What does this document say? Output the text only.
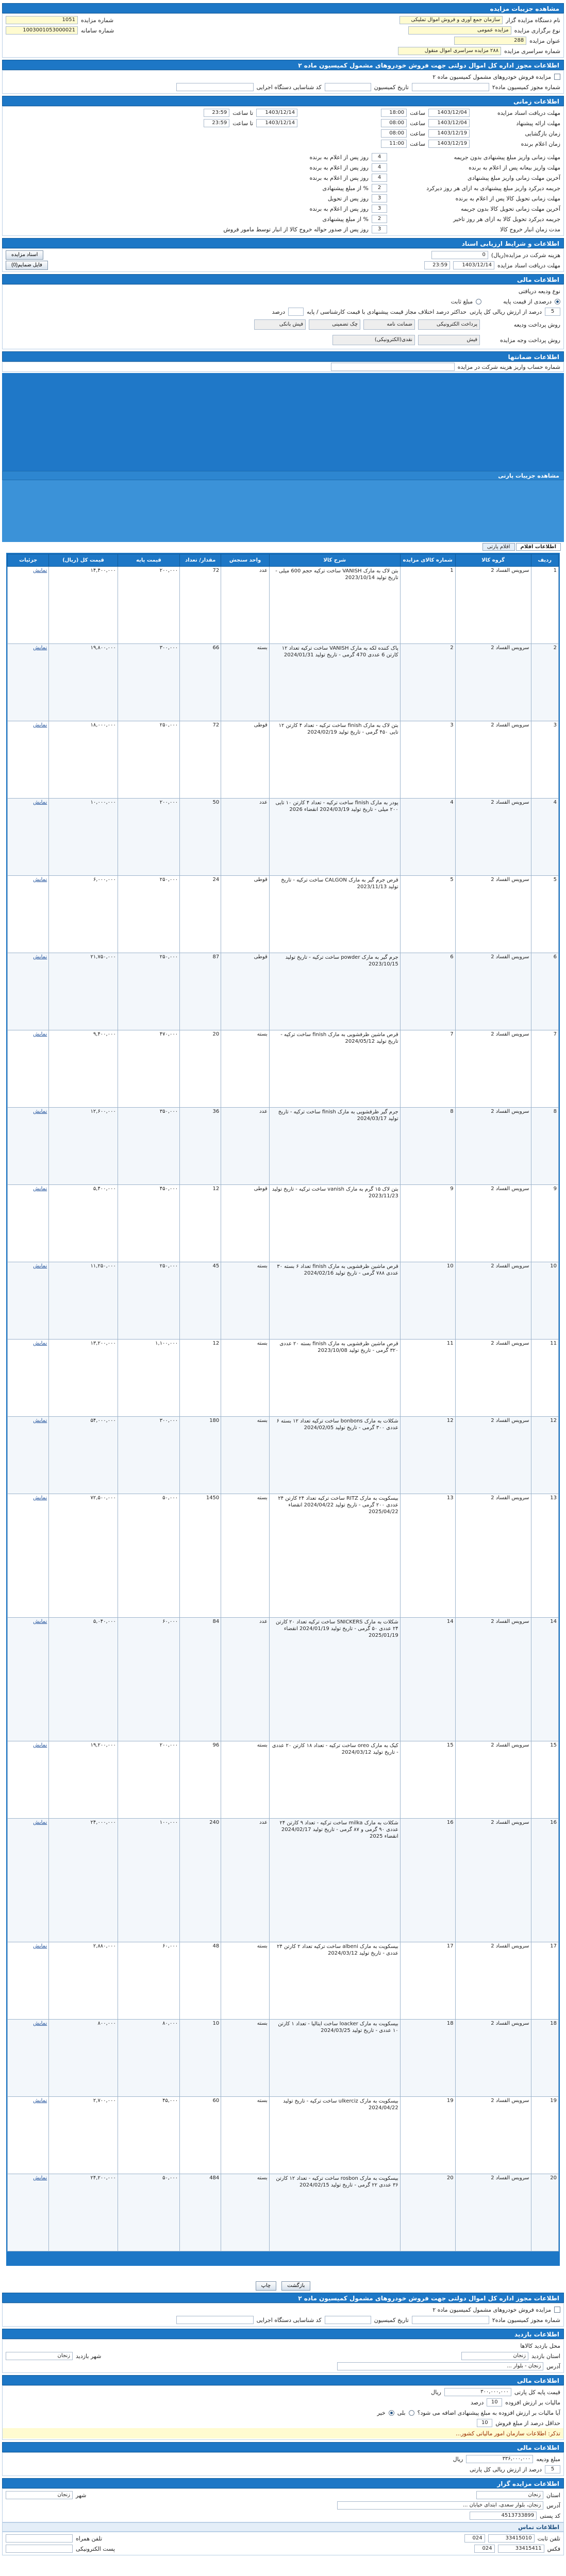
مشاهده جزییات مزایده
نام دستگاه مزایده گزار
سازمان جمع آوری و فروش اموال تملیکی
شماره مزایده
1051
نوع برگزاری مزایده
مزایده عمومی
شماره سامانه
1003001053000021
عنوان مزایده
288
شماره سراسری مزایده
۲۸۸ مزایده سراسری اموال منقول
اطلاعات مجوز اداره کل اموال دولتی جهت فروش خودروهای مشمول کمیسیون ماده ۲
مزایده فروش خودروهای مشمول کمیسیون ماده ۲
شماره مجوز کمیسیون ماده۲
تاریخ کمیسیون
کد شناسایی دستگاه اجرایی
اطلاعات زمانی
مهلت دریافت اسناد مزایده
1403/12/04
ساعت
18:00
1403/12/14
تا ساعت
23:59
مهلت ارائه پیشنهاد
1403/12/04
ساعت
08:00
1403/12/14
تا ساعت
23:59
زمان بازگشایی
1403/12/19
ساعت
08:00
زمان اعلام برنده
1403/12/19
ساعت
11:00
مهلت زمانی واریز مبلغ پیشنهادی بدون جریمه
4
روز پس از اعلام به برنده
مهلت واریز بیعانه پس از اعلام به برنده
4
روز پس از اعلام به برنده
آخرین مهلت زمانی واریز مبلغ پیشنهادی
4
روز پس از اعلام به برنده
جریمه دیرکرد واریز مبلغ پیشنهادی به ازای هر روز دیرکرد
2
% از مبلغ پیشنهادی
مهلت زمانی تحویل کالا پس از اعلام به برنده
3
روز پس از تحویل
آخرین مهلت زمانی تحویل کالا بدون جریمه
3
روز پس از اعلام به برنده
جریمه دیرکرد تحویل کالا به ازای هر روز تاخیر
2
% از مبلغ پیشنهادی
مدت زمان انبار خروج کالا
3
روز پس از صدور حواله خروج کالا از انبار توسط مامور فروش
اطلاعات و شرایط ارزیابی اسناد
هزینه شرکت در مزایده(ریال)
0
اسناد مزایده
مهلت دریافت اسناد مزایده
1403/12/14
23:59
فایل ضمایم(0)
اطلاعات مالی
نوع ودیعه دریافتی
درصدی از قیمت پایه
مبلغ ثابت
5
درصد از ارزش ریالی کل پارتی
حداکثر درصد اختلاف مجاز قیمت پیشنهادی با قیمت کارشناسی / پایه
درصد
روش پرداخت ودیعه
پرداخت الکترونیکی
ضمانت نامه
چک تضمینی
فیش بانکی
روش پرداخت وجه مزایده
فیش
نقدی(الکترونیکی)
اطلاعات ضمانتها
شماره حساب واریز هزینه شرکت در مزایده
مشاهده جزییات پارتی
اطلاعات اقلام
اقلام پارتی
ردیف	گروه کالا	شماره کالای مزایده	شرح کالا	واحد سنجش	مقدار/ تعداد	قیمت پایه	قیمت کل (ریال)	جزئیات
1	سرویس الفساد 2	1	بتن لاک به مارک VANISH ساخت ترکیه حجم 600 میلی - تاریخ تولید 2023/10/14	عدد	72	۲۰۰,۰۰۰	۱۴,۴۰۰,۰۰۰	نمایش
2	سرویس الفساد 2	2	پاک کننده لکه به مارک VANISH ساخت ترکیه تعداد ۱۲ کارتن 6 عددی 470 گرمی - تاریخ تولید 2024/01/31	بسته	66	۳۰۰,۰۰۰	۱۹,۸۰۰,۰۰۰	نمایش
3	سرویس الفساد 2	3	بتن لاک به مارک finish ساخت ترکیه - تعداد ۴ کارتن ۱۲ تایی ۴۵۰ گرمی - تاریخ تولید 2024/02/19	قوطی	72	۲۵۰,۰۰۰	۱۸,۰۰۰,۰۰۰	نمایش
4	سرویس الفساد 2	4	پودر به مارک finish ساخت ترکیه - تعداد ۴ کارتن ۱۰ تایی ۲۰۰ میلی - تاریخ تولید 2024/03/19 انقضاء 2026	عدد	50	۲۰۰,۰۰۰	۱۰,۰۰۰,۰۰۰	نمایش
5	سرویس الفساد 2	5	قرص جرم گیر به مارک CALGON ساخت ترکیه - تاریخ تولید 2023/11/13	قوطی	24	۲۵۰,۰۰۰	۶,۰۰۰,۰۰۰	نمایش
6	سرویس الفساد 2	6	جرم گیر به مارک powder ساخت ترکیه - تاریخ تولید 2023/10/15	قوطی	87	۲۵۰,۰۰۰	۲۱,۷۵۰,۰۰۰	نمایش
7	سرویس الفساد 2	7	قرص ماشین ظرفشویی به مارک finish ساخت ترکیه - تاریخ تولید 2024/05/12	بسته	20	۴۷۰,۰۰۰	۹,۴۰۰,۰۰۰	نمایش
8	سرویس الفساد 2	8	جرم گیر ظرفشویی به مارک finish ساخت ترکیه - تاریخ تولید 2024/03/17	عدد	36	۳۵۰,۰۰۰	۱۲,۶۰۰,۰۰۰	نمایش
9	سرویس الفساد 2	9	بتن لاک ۱۵ گرم به مارک vanish ساخت ترکیه - تاریخ تولید 2023/11/23	قوطی	12	۴۵۰,۰۰۰	۵,۴۰۰,۰۰۰	نمایش
10	سرویس الفساد 2	10	قرص ماشین ظرفشویی به مارک finish تعداد ۶ بسته ۳۰ عددی ۷۸۸ گرمی - تاریخ تولید 2024/02/16	بسته	45	۲۵۰,۰۰۰	۱۱,۲۵۰,۰۰۰	نمایش
11	سرویس الفساد 2	11	قرص ماشین ظرفشویی به مارک finish بسته ۲۰ عددی ۳۲۰ گرمی - تاریخ تولید 2023/10/08	بسته	12	۱,۱۰۰,۰۰۰	۱۳,۲۰۰,۰۰۰	نمایش
12	سرویس الفساد 2	12	شکلات به مارک bonbons ساخت ترکیه تعداد ۱۲ بسته ۶ عددی ۳۰۰ گرمی - تاریخ تولید 2024/02/05	بسته	180	۳۰۰,۰۰۰	۵۴,۰۰۰,۰۰۰	نمایش
13	سرویس الفساد 2	13	بیسکویت به مارک RITZ ساخت ترکیه تعداد ۲۴ کارتن ۲۴ عددی ۲۰۰ گرمی - تاریخ تولید 2024/04/22 انقضاء 2025/04/22	بسته	1450	۵۰,۰۰۰	۷۲,۵۰۰,۰۰۰	نمایش
14	سرویس الفساد 2	14	شکلات به مارک SNICKERS ساخت ترکیه تعداد ۲۰ کارتن ۲۴ عددی ۵۰ گرمی - تاریخ تولید 2024/01/19 انقضاء 2025/01/19	عدد	84	۶۰,۰۰۰	۵,۰۴۰,۰۰۰	نمایش
15	سرویس الفساد 2	15	کیک به مارک oreo ساخت ترکیه - تعداد ۱۸ کارتن ۲۰ عددی - تاریخ تولید 2024/03/12	بسته	96	۲۰۰,۰۰۰	۱۹,۲۰۰,۰۰۰	نمایش
16	سرویس الفساد 2	16	شکلات به مارک milka ساخت ترکیه - تعداد ۹ کارتن ۲۴ عددی ۹۰ گرمی و ۸۷ گرمی - تاریخ تولید 2024/02/17 انقضاء 2025	عدد	240	۱۰۰,۰۰۰	۲۴,۰۰۰,۰۰۰	نمایش
17	سرویس الفساد 2	17	بیسکویت به مارک albeni ساخت ترکیه تعداد ۲ کارتن ۲۴ عددی - تاریخ تولید 2024/03/12	بسته	48	۶۰,۰۰۰	۲,۸۸۰,۰۰۰	نمایش
18	سرویس الفساد 2	18	بیسکویت به مارک loacker ساخت ایتالیا - تعداد ۱ کارتن ۱۰ عددی - تاریخ تولید 2024/03/25	بسته	10	۸۰,۰۰۰	۸۰۰,۰۰۰	نمایش
19	سرویس الفساد 2	19	بیسکویت به مارک ulkerciz ساخت ترکیه - تاریخ تولید 2024/04/22	بسته	60	۴۵,۰۰۰	۲,۷۰۰,۰۰۰	نمایش
20	سرویس الفساد 2	20	بیسکویت به مارک rosbon ساخت ترکیه - تعداد ۱۲ کارتن ۳۶ عددی ۲۲ گرمی - تاریخ تولید 2024/02/15	بسته	484	۵۰,۰۰۰	۲۴,۲۰۰,۰۰۰	نمایش
بازگشت
چاپ
اطلاعات مجوز اداره کل اموال دولتی جهت فروش خودروهای مشمول کمیسیون ماده ۲
مزایده فروش خودروهای مشمول کمیسیون ماده ۲
شماره مجوز کمیسیون ماده۲
تاریخ کمیسیون
کد شناسایی دستگاه اجرایی
اطلاعات بازدید
محل بازدید کالاها
استان بازدید
زنجان
شهر بازدید
زنجان
آدرس
زنجان - بلوار ...
اطلاعات مالی
قیمت پایه کل پارتی
۳۰۰,۰۰۰,۰۰۰
ریال
مالیات بر ارزش افزوده
10
درصد
آیا مالیات بر ارزش افزوده به مبلغ پیشنهادی اضافه می شود؟
بلی
خیر
حداقل درصد از مبلغ فروش
10
تذکر: اطلاعات سازمان امور مالیاتی کشور...
اطلاعات مالی
مبلغ ودیعه
۳۳۶,۰۰۰,۰۰۰
ریال
5
درصد از ارزش ریالی کل پارتی
اطلاعات مزایده گزار
استان
زنجان
شهر
زنجان
آدرس
زنجان، بلوار سعدی، ابتدای خیابان ...
کد پستی
4513733899
اطلاعات تماس
تلفن ثابت
33415010
024
تلفن همراه
فکس
33415411
024
پست الکترونیکی
